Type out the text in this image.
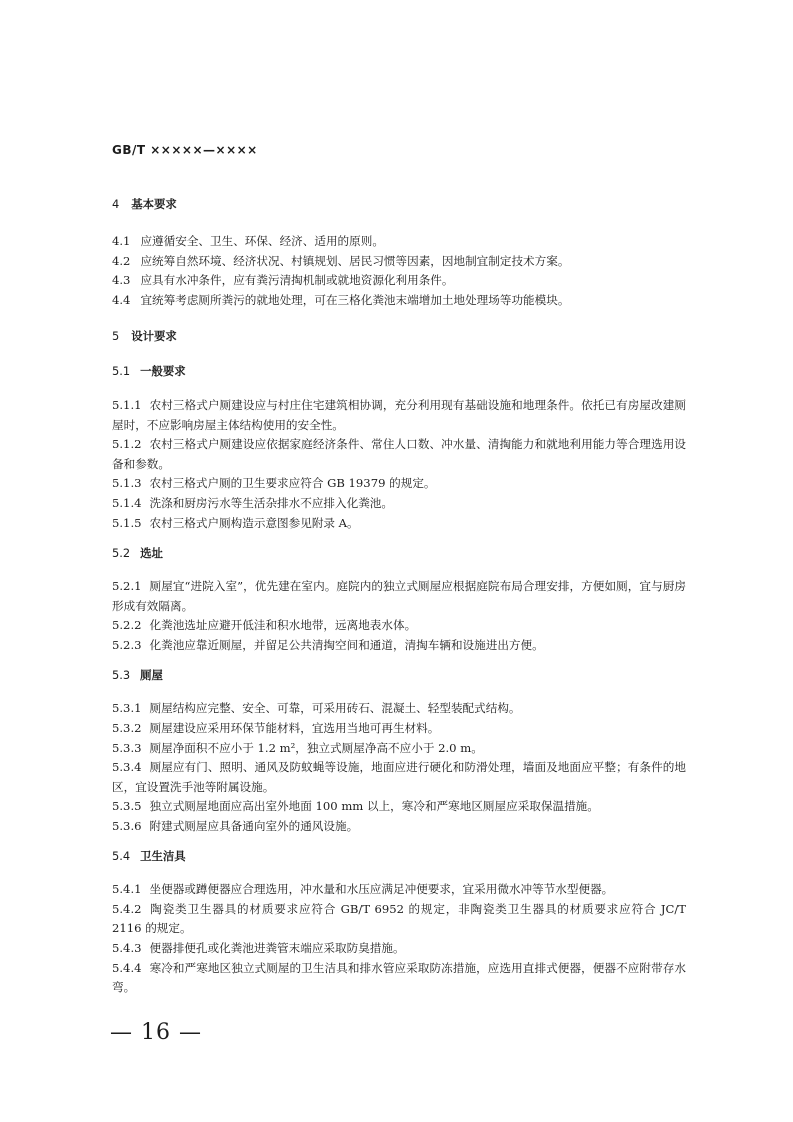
GB/T ×××××—××××

4 基本要求

4.1 应遵循安全、卫生、环保、经济、适用的原则。

4.2 应统筹自然环境、经济状况、村镇规划、居民习惯等因素，因地制宜制定技术方案。

4.3 应具有水冲条件，应有粪污清掏机制或就地资源化利用条件。

4.4 宜统筹考虑厕所粪污的就地处理，可在三格化粪池末端增加土地处理场等功能模块。

5 设计要求

5.1 一般要求

5.1.1 农村三格式户厕建设应与村庄住宅建筑相协调，充分利用现有基础设施和地理条件。依托已有房屋改建厕屋时，不应影响房屋主体结构使用的安全性。

5.1.2 农村三格式户厕建设应依据家庭经济条件、常住人口数、冲水量、清掏能力和就地利用能力等合理选用设备和参数。

5.1.3 农村三格式户厕的卫生要求应符合 GB 19379 的规定。

5.1.4 洗涤和厨房污水等生活杂排水不应排入化粪池。

5.1.5 农村三格式户厕构造示意图参见附录 A。

5.2 选址

5.2.1 厕屋宜“进院入室”，优先建在室内。庭院内的独立式厕屋应根据庭院布局合理安排，方便如厕，宜与厨房形成有效隔离。

5.2.2 化粪池选址应避开低洼和积水地带，远离地表水体。

5.2.3 化粪池应靠近厕屋，并留足公共清掏空间和通道，清掏车辆和设施进出方便。

5.3 厕屋

5.3.1 厕屋结构应完整、安全、可靠，可采用砖石、混凝土、轻型装配式结构。

5.3.2 厕屋建设应采用环保节能材料，宜选用当地可再生材料。

5.3.3 厕屋净面积不应小于 1.2 m²，独立式厕屋净高不应小于 2.0 m。

5.3.4 厕屋应有门、照明、通风及防蚊蝇等设施，地面应进行硬化和防滑处理，墙面及地面应平整；有条件的地区，宜设置洗手池等附属设施。

5.3.5 独立式厕屋地面应高出室外地面 100 mm 以上，寒冷和严寒地区厕屋应采取保温措施。

5.3.6 附建式厕屋应具备通向室外的通风设施。

5.4 卫生洁具

5.4.1 坐便器或蹲便器应合理选用，冲水量和水压应满足冲便要求，宜采用微水冲等节水型便器。

5.4.2 陶瓷类卫生器具的材质要求应符合 GB/T 6952 的规定，非陶瓷类卫生器具的材质要求应符合 JC/T 2116 的规定。

5.4.3 便器排便孔或化粪池进粪管末端应采取防臭措施。

5.4.4 寒冷和严寒地区独立式厕屋的卫生洁具和排水管应采取防冻措施，应选用直排式便器，便器不应附带存水弯。

— 16 —
